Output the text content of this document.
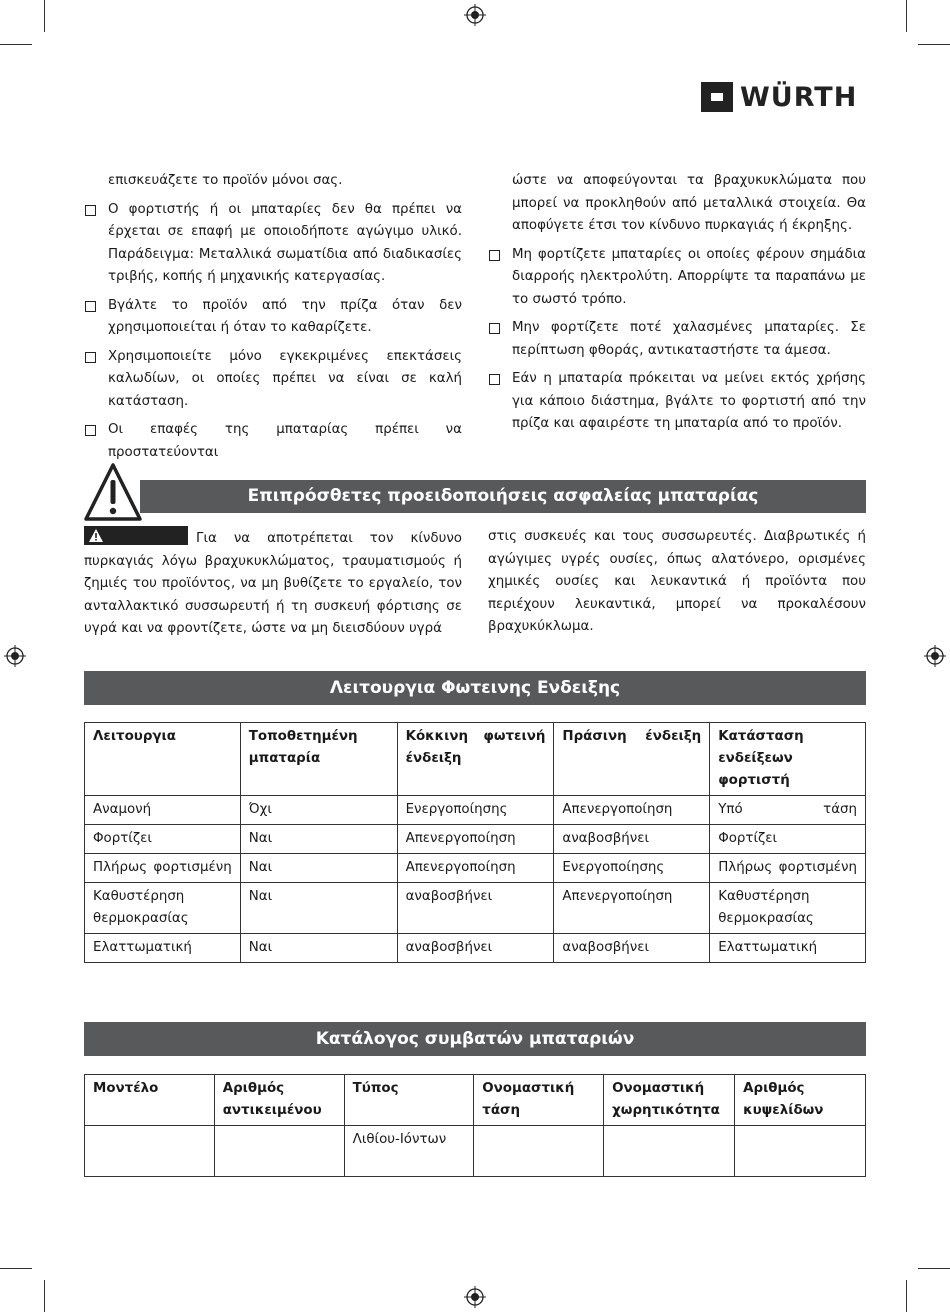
WÜRTH
επισκευάζετε το προϊόν μόνοι σας.
Ο φορτιστής ή οι μπαταρίες δεν θα πρέπει να έρχεται σε επαφή με οποιοδήποτε αγώγιμο υλικό. Παράδειγμα: Μεταλλικά σωματίδια από διαδικασίες τριβής, κοπής ή μηχανικής κατεργασίας.
Βγάλτε το προϊόν από την πρίζα όταν δεν χρησιμοποιείται ή όταν το καθαρίζετε.
Χρησιμοποιείτε μόνο εγκεκριμένες επεκτάσεις καλωδίων, οι οποίες πρέπει να είναι σε καλή κατάσταση.
Οι επαφές της μπαταρίας πρέπει να προστατεύονται
ώστε να αποφεύγονται τα βραχυκυκλώματα που μπορεί να προκληθούν από μεταλλικά στοιχεία. Θα αποφύγετε έτσι τον κίνδυνο πυρκαγιάς ή έκρηξης.
Μη φορτίζετε μπαταρίες οι οποίες φέρουν σημάδια διαρροής ηλεκτρολύτη. Απορρίψτε τα παραπάνω με το σωστό τρόπο.
Μην φορτίζετε ποτέ χαλασμένες μπαταρίες. Σε περίπτωση φθοράς, αντικαταστήστε τα άμεσα.
Εάν η μπαταρία πρόκειται να μείνει εκτός χρήσης για κάποιο διάστημα, βγάλτε το φορτιστή από την πρίζα και αφαιρέστε τη μπαταρία από το προϊόν.
Επιπρόσθετες προειδοποιήσεις ασφαλείας μπαταρίας
Για να αποτρέπεται τον κίνδυνο πυρκαγιάς λόγω βραχυκυκλώματος, τραυματισμούς ή ζημιές του προϊόντος, να μη βυθίζετε το εργαλείο, τον ανταλλακτικό συσσωρευτή ή τη συσκευή φόρτισης σε υγρά και να φροντίζετε, ώστε να μη διεισδύουν υγρά
στις συσκευές και τους συσσωρευτές. Διαβρωτικές ή αγώγιμες υγρές ουσίες, όπως αλατόνερο, ορισμένες χημικές ουσίες και λευκαντικά ή προϊόντα που περιέχουν λευκαντικά, μπορεί να προκαλέσουν βραχυκύκλωμα.
Λειτουργια Φωτεινης Ενδειξης
Λειτουργια	Τοποθετημένη μπαταρία	Κόκκινη φωτεινή ένδειξη	Πράσινη ένδειξη	Κατάσταση ενδείξεων φορτιστή
Αναμονή	Όχι	Ενεργοποίησης	Απενεργοποίηση	Υπό τάση
Φορτίζει	Ναι	Απενεργοποίηση	αναβοσβήνει	Φορτίζει
Πλήρως φορτισμένη	Ναι	Απενεργοποίηση	Ενεργοποίησης	Πλήρως φορτισμένη
Καθυστέρηση θερμοκρασίας	Ναι	αναβοσβήνει	Απενεργοποίηση	Καθυστέρηση θερμοκρασίας
Ελαττωματική	Ναι	αναβοσβήνει	αναβοσβήνει	Ελαττωματική
Κατάλογος συμβατών μπαταριών
Μοντέλο	Αριθμός αντικειμένου	Τύπος	Ονομαστική τάση	Ονομαστική χωρητικότητα	Αριθμός κυψελίδων
		Λιθίου-Ιόντων			
